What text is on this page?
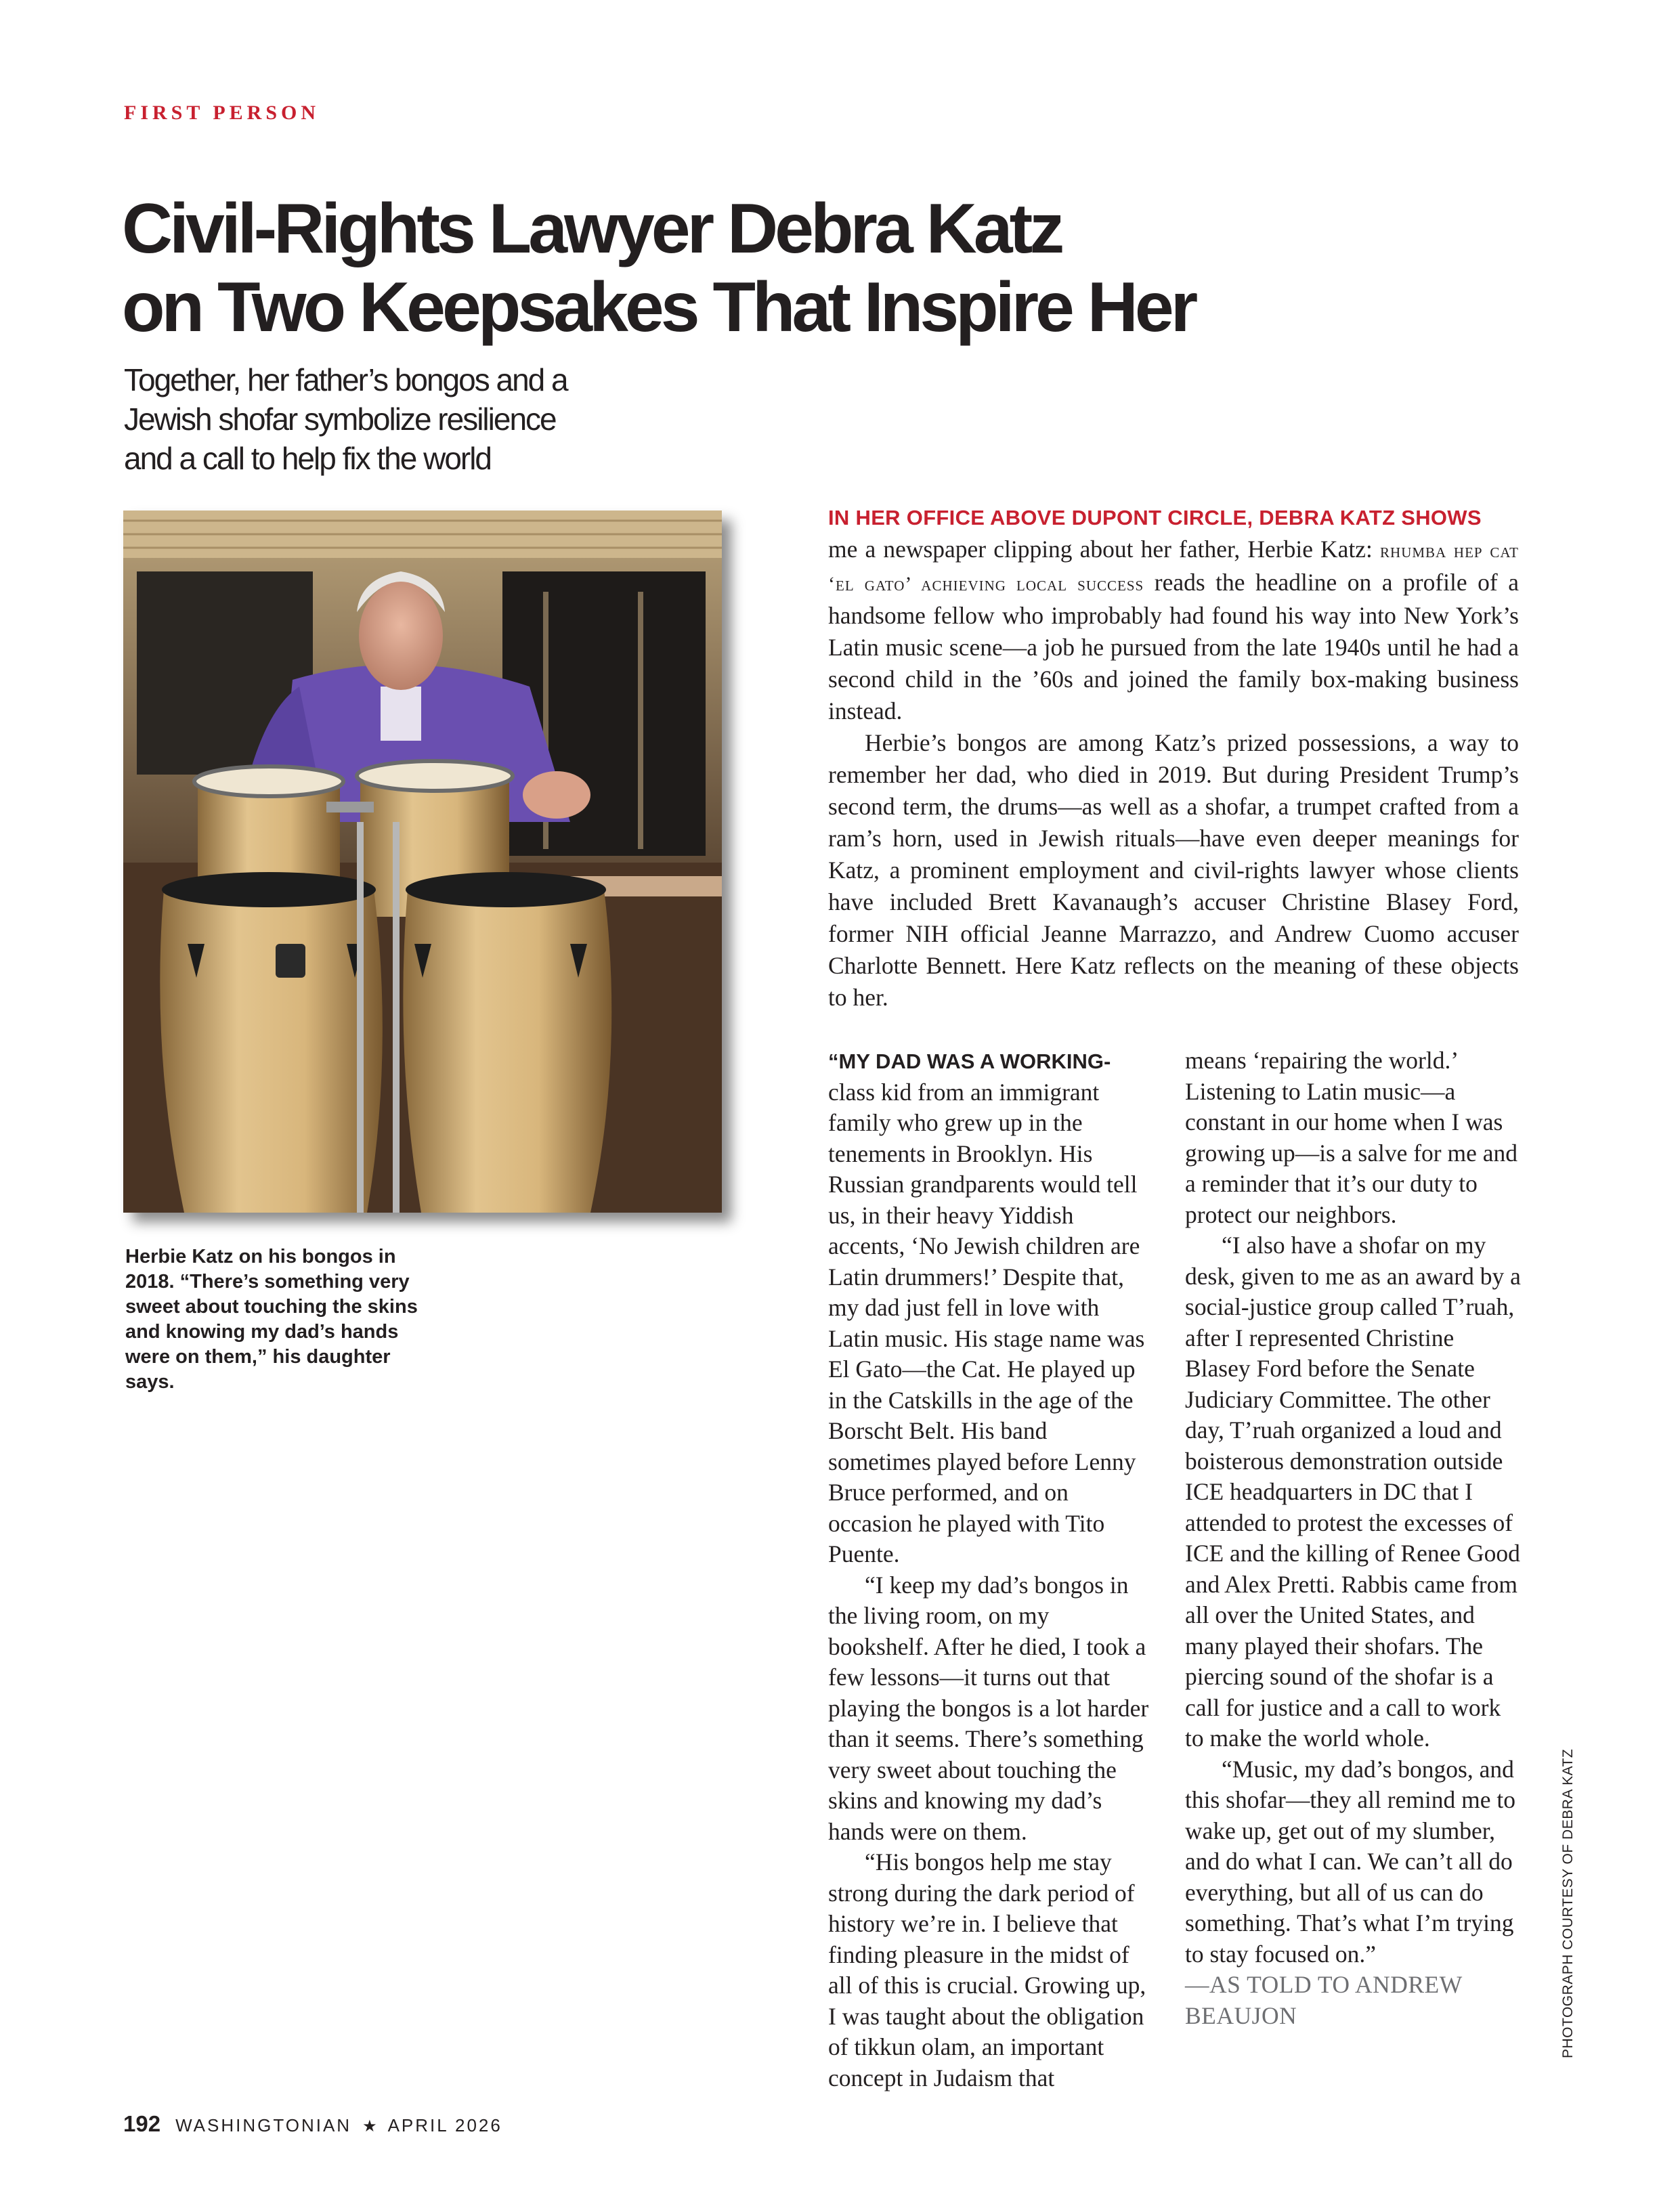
FIRST PERSON
Civil-Rights Lawyer Debra Katz
on Two Keepsakes That Inspire Her
Together, her father’s bongos and a
Jewish shofar symbolize resilience
and a call to help fix the world
Herbie Katz on his bongos in 2018. “There’s something very sweet about touching the skins and knowing my dad’s hands were on them,” his daughter says.

IN HER OFFICE ABOVE DUPONT CIRCLE, DEBRA KATZ SHOWS
me a newspaper clipping about her father, Herbie Katz: rhumba hep cat ‘el gato’ achieving local success reads the headline on a profile of a handsome fellow who improbably had found his way into New York’s Latin music scene—a job he pursued from the late 1940s until he had a second child in the ’60s and joined the family box-making business instead.

Herbie’s bongos are among Katz’s prized possessions, a way to remember her dad, who died in 2019. But during President Trump’s second term, the drums—as well as a shofar, a trumpet crafted from a ram’s horn, used in Jewish rituals—have even deeper meanings for Katz, a prominent employment and civil-rights lawyer whose clients have included Brett Kavanaugh’s accuser Christine Blasey Ford, former NIH official Jeanne Marrazzo, and Andrew Cuomo accuser Charlotte Bennett. Here Katz reflects on the meaning of these objects to her.

“MY DAD WAS A WORKING-
class kid from an immigrant family who grew up in the tenements in Brooklyn. His Russian grandparents would tell us, in their heavy Yiddish accents, ‘No Jewish children are Latin drummers!’ Despite that, my dad just fell in love with Latin music. His stage name was El Gato—the Cat. He played up in the Catskills in the age of the Borscht Belt. His band sometimes played before Lenny Bruce performed, and on occasion he played with Tito Puente.

“I keep my dad’s bongos in the living room, on my bookshelf. After he died, I took a few lessons—it turns out that playing the bongos is a lot harder than it seems. There’s something very sweet about touching the skins and knowing my dad’s hands were on them.

“His bongos help me stay strong during the dark period of history we’re in. I believe that finding pleasure in the midst of all of this is crucial. Growing up, I was taught about the obligation of tikkun olam, an important concept in Judaism that

means ‘repairing the world.’ Listening to Latin music—a constant in our home when I was growing up—is a salve for me and a reminder that it’s our duty to protect our neighbors.

“I also have a shofar on my desk, given to me as an award by a social-justice group called T’ruah, after I represented Christine Blasey Ford before the Senate Judiciary Committee. The other day, T’ruah organized a loud and boisterous demonstration outside ICE headquarters in DC that I attended to protest the excesses of ICE and the killing of Renee Good and Alex Pretti. Rabbis came from all over the United States, and many played their shofars. The piercing sound of the shofar is a call for justice and a call to work to make the world whole.

“Music, my dad’s bongos, and this shofar—they all remind me to wake up, get out of my slumber, and do what I can. We can’t all do everything, but all of us can do something. That’s what I’m trying to stay focused on.”

—AS TOLD TO ANDREW BEAUJON	PHOTOGRAPH COURTESY OF DEBRA KATZ
192 WASHINGTONIAN ★ APRIL 2026
